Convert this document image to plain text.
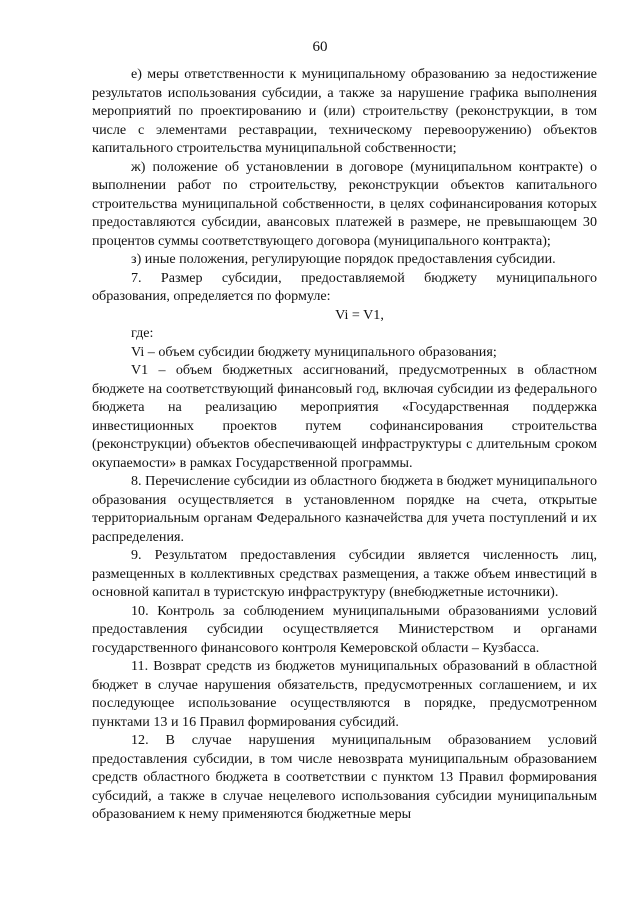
60

е) меры ответственности к муниципальному образованию за недостижение результатов использования субсидии, а также за нарушение графика выполнения мероприятий по проектированию и (или) строительству (реконструкции, в том числе с элементами реставрации, техническому перевооружению) объектов капитального строительства муниципальной собственности;

ж) положение об установлении в договоре (муниципальном контракте) о выполнении работ по строительству, реконструкции объектов капитального строительства муниципальной собственности, в целях софинансирования которых предоставляются субсидии, авансовых платежей в размере, не превышающем 30 процентов суммы соответствующего договора (муниципального контракта);

з) иные положения, регулирующие порядок предоставления субсидии.

7. Размер субсидии, предоставляемой бюджету муниципального образования, определяется по формуле:

Vi = V1,

где:

Vi – объем субсидии бюджету муниципального образования;

V1 – объем бюджетных ассигнований, предусмотренных в областном бюджете на соответствующий финансовый год, включая субсидии из федерального бюджета на реализацию мероприятия «Государственная поддержка инвестиционных проектов путем софинансирования строительства (реконструкции) объектов обеспечивающей инфраструктуры с длительным сроком окупаемости» в рамках Государственной программы.

8. Перечисление субсидии из областного бюджета в бюджет муниципального образования осуществляется в установленном порядке на счета, открытые территориальным органам Федерального казначейства для учета поступлений и их распределения.

9. Результатом предоставления субсидии является численность лиц, размещенных в коллективных средствах размещения, а также объем инвестиций в основной капитал в туристскую инфраструктуру (внебюджетные источники).

10. Контроль за соблюдением муниципальными образованиями условий предоставления субсидии осуществляется Министерством и органами государственного финансового контроля Кемеровской области – Кузбасса.

11. Возврат средств из бюджетов муниципальных образований в областной бюджет в случае нарушения обязательств, предусмотренных соглашением, и их последующее использование осуществляются в порядке, предусмотренном пунктами 13 и 16 Правил формирования субсидий.

12. В случае нарушения муниципальным образованием условий предоставления субсидии, в том числе невозврата муниципальным образованием средств областного бюджета в соответствии с пунктом 13 Правил формирования субсидий, а также в случае нецелевого использования субсидии муниципальным образованием к нему применяются бюджетные меры
